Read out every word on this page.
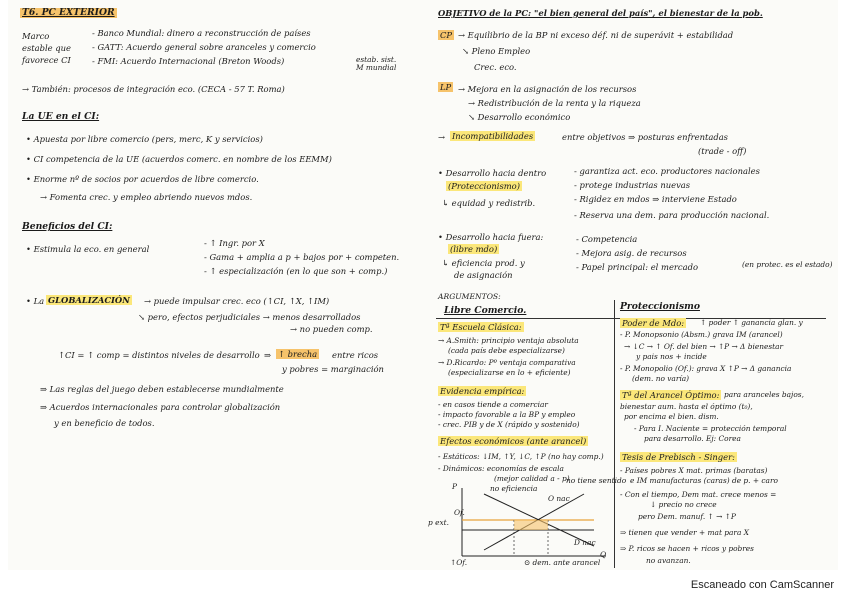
T6. PC EXTERIOR
Marco estable que favorece CI
- Banco Mundial: dinero a reconstrucción de países
- GATT: Acuerdo general sobre aranceles y comercio
- FMI: Acuerdo Internacional (Breton Woods)	estab. sist. M mundial
→ También: procesos de integración eco. (CECA - 57 T. Roma)
La UE en el CI:
• Apuesta por libre comercio (pers, merc, K y servicios)
• CI competencia de la UE (acuerdos comerc. en nombre de los EEMM)
• Enorme nº de socios por acuerdos de libre comercio.
→ Fomenta crec. y empleo abriendo nuevos mdos.
Beneficios del CI:
• Estimula la eco. en general
- ↑ Ingr. por X
- Gama + amplia a p + bajos por + competen.
- ↑ especialización (en lo que son + comp.)
• La GLOBALIZACIÓN → puede impulsar crec. eco (↑CI, ↑X, ↑IM)
↘ pero, efectos perjudiciales → menos desarrollados
→ no pueden comp.
↑CI = ↑ comp = distintos niveles de desarrollo ⇒ ↑ brecha entre ricos
y pobres = marginación
⇒ Las reglas del juego deben establecerse mundialmente
⇒ Acuerdos internacionales para controlar globalización
y en beneficio de todos.
OBJETIVO de la PC: "el bien general del país", el bienestar de la pob.
CP → Equilibrio de la BP ni exceso déf. ni de superávit + estabilidad
↘ Pleno Empleo
Crec. eco.
LP → Mejora en la asignación de los recursos
→ Redistribución de la renta y la riqueza
↘ Desarrollo económico
→ Incompatibilidades	entre objetivos ⇒ posturas enfrentadas
(trade - off)
• Desarrollo hacia dentro
(Proteccionismo)
↳ equidad y redistrib.
- garantiza act. eco. productores nacionales
- protege industrias nuevas
- Rigidez en mdos ⇒ interviene Estado
- Reserva una dem. para producción nacional.
• Desarrollo hacia fuera:
(libre mdo)
↳ eficiencia prod. y
de asignación
- Competencia
- Mejora asig. de recursos
- Papel principal: el mercado	(en protec. es el estado)
ARGUMENTOS:
Libre Comercio.	Proteccionismo
Tª Escuela Clásica:
→ A.Smith: principio ventaja absoluta
(cada país debe especializarse)
→ D.Ricardo: Pº ventaja comparativa
(especializarse en lo + eficiente)
Evidencia empírica:
- en casos tiende a comerciar
- impacto favorable a la BP y empleo
- crec. PIB y de X (rápido y sostenido)
Efectos económicos (ante arancel)
- Estáticos: ↓IM, ↑Y, ↓C, ↑P (no hay comp.)
- Dinámicos: economías de escala
(mejor calidad a - p)
P
Q
p ext.
Of.
O nac
D nac
no eficiencia
no tiene sentido
↑Of.	⊙ dem. ante arancel
Poder de Mdo: ↑ poder ↑ ganancia glan. y
- P. Monopsonio (Absm.) grava IM (arancel)
→ ↓C → ↑ Of. del bien → ↑P → Δ bienestar
y pais nos + incide
- P. Monopolio (Of.): grava X ↑P → Δ ganancia
(dem. no varía)
Tª del Arancel Óptimo: para aranceles bajos,
bienestar aum. hasta el óptimo (t₀),
por encima el bien. dism.
- Para I. Naciente = protección temporal
para desarrollo. Ej: Corea
Tesis de Prebisch - Singer:
- Países pobres X mat. primas (baratas)
e IM manufacturas (caras) de p. + caro
- Con el tiempo, Dem mat. crece menos =
↓ precio no crece
pero Dem. manuf. ↑ → ↑P
⇒ tienen que vender + mat para X
⇒ P. ricos se hacen + ricos y pobres
no avanzan.
Escaneado con CamScanner
